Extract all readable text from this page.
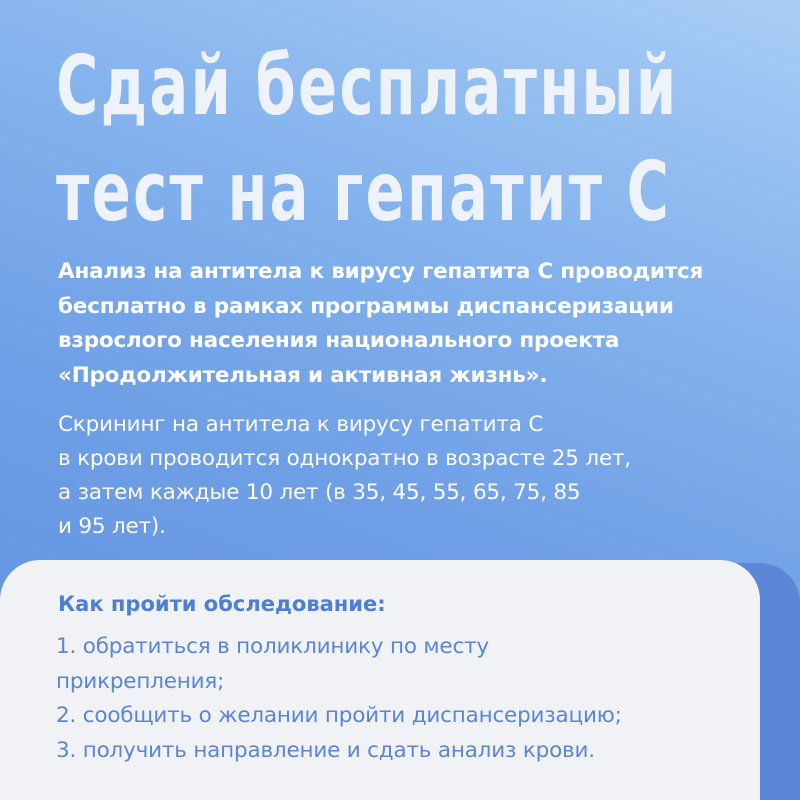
Сдай бесплатный
тест на гепатит С

Анализ на антитела к вирусу гепатита С проводится
бесплатно в рамках программы диспансеризации
взрослого населения национального проекта
«Продолжительная и активная жизнь».

Скрининг на антитела к вирусу гепатита С
в крови проводится однократно в возрасте 25 лет,
а затем каждые 10 лет (в 35, 45, 55, 65, 75, 85
и 95 лет).

Как пройти обследование:
1. обратиться в поликлинику по месту
прикрепления;
2. сообщить о желании пройти диспансеризацию;
3. получить направление и сдать анализ крови.
